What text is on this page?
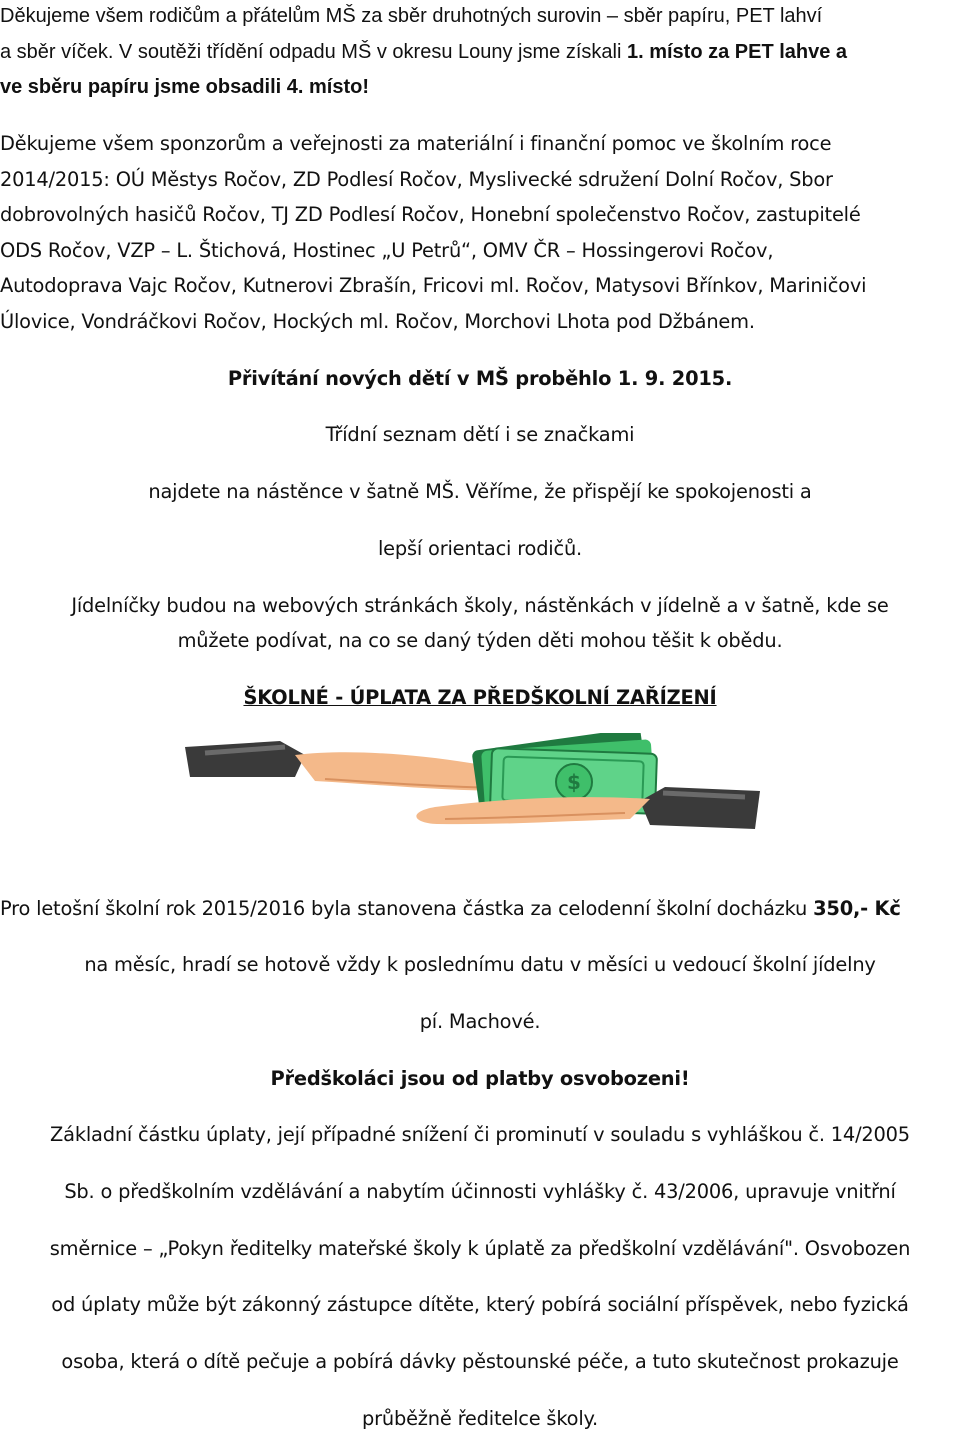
Děkujeme všem rodičům a přátelům MŠ za sběr druhotných surovin – sběr papíru, PET lahví
a sběr víček. V soutěži třídění odpadu MŠ v okresu Louny jsme získali 1. místo za PET lahve a
ve sběru papíru jsme obsadili 4. místo!
Děkujeme všem sponzorům a veřejnosti za materiální i finanční pomoc ve školním roce
2014/2015: OÚ Městys Ročov, ZD Podlesí Ročov, Myslivecké sdružení Dolní Ročov, Sbor
dobrovolných hasičů Ročov, TJ ZD Podlesí Ročov, Honební společenstvo Ročov, zastupitelé
ODS Ročov, VZP – L. Štichová, Hostinec „U Petrů“, OMV ČR – Hossingerovi Ročov,
Autodoprava Vajc Ročov, Kutnerovi Zbrašín, Fricovi ml. Ročov, Matysovi Břínkov, Mariničovi
Úlovice, Vondráčkovi Ročov, Hockých ml. Ročov, Morchovi Lhota pod Džbánem.
Přivítání nových dětí v MŠ proběhlo 1. 9. 2015.
Třídní seznam dětí i se značkami
najdete na nástěnce v šatně MŠ. Věříme, že přispějí ke spokojenosti a
lepší orientaci rodičů.
Jídelníčky budou na webových stránkách školy, nástěnkách v jídelně a v šatně, kde se
můžete podívat, na co se daný týden děti mohou těšit k obědu.
ŠKOLNÉ - ÚPLATA ZA PŘEDŠKOLNÍ ZAŘÍZENÍ
$
Pro letošní školní rok 2015/2016 byla stanovena částka za celodenní školní docházku 350,- Kč
na měsíc, hradí se hotově vždy k poslednímu datu v měsíci u vedoucí školní jídelny
pí. Machové.
Předškoláci jsou od platby osvobozeni!
Základní částku úplaty, její případné snížení či prominutí v souladu s vyhláškou č. 14/2005
Sb. o předškolním vzdělávání a nabytím účinnosti vyhlášky č. 43/2006, upravuje vnitřní
směrnice – „Pokyn ředitelky mateřské školy k úplatě za předškolní vzdělávání". Osvobozen
od úplaty může být zákonný zástupce dítěte, který pobírá sociální příspěvek, nebo fyzická
osoba, která o dítě pečuje a pobírá dávky pěstounské péče, a tuto skutečnost prokazuje
průběžně ředitelce školy.
